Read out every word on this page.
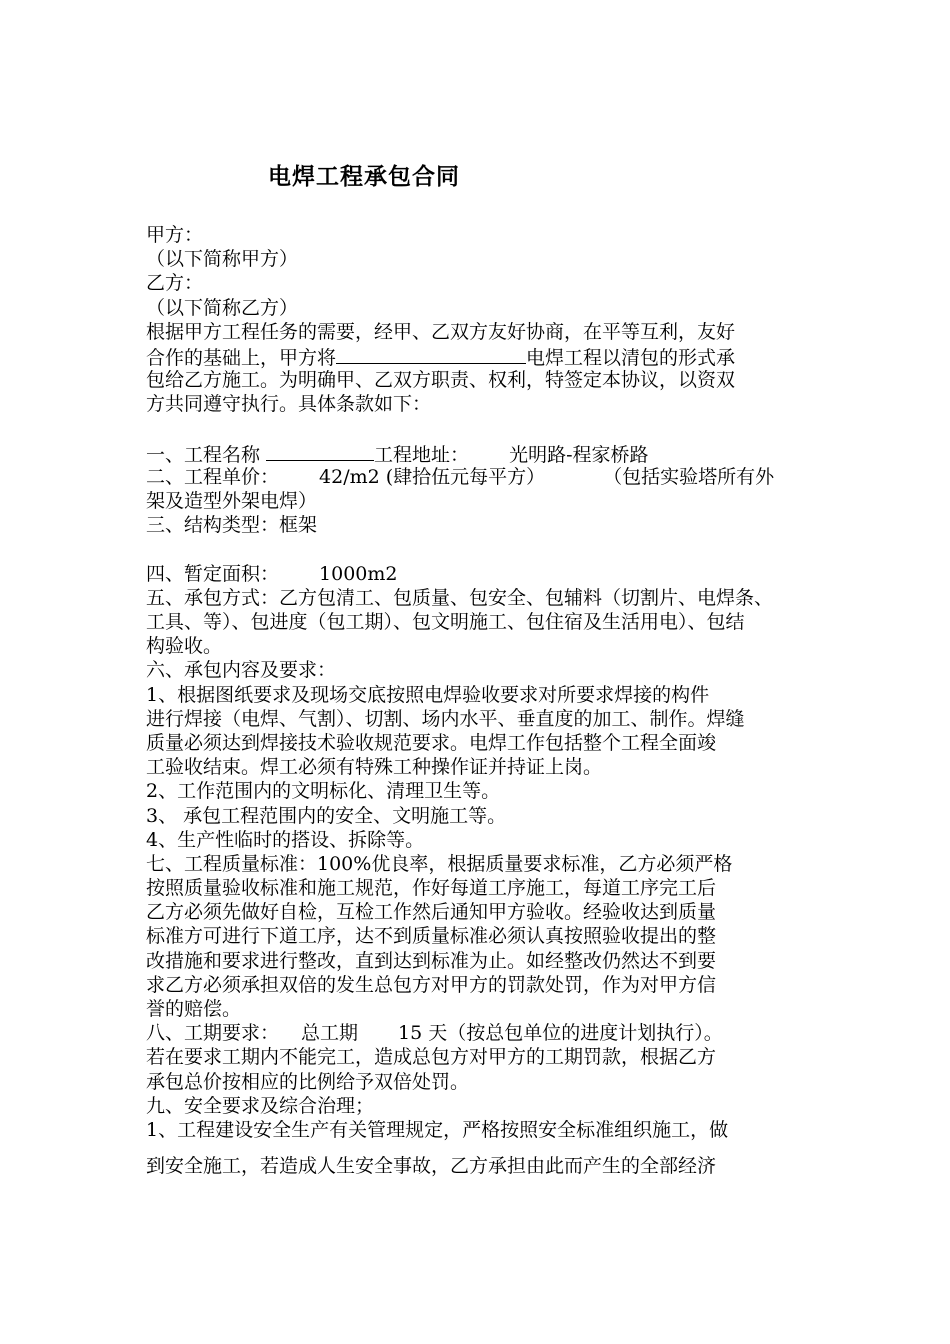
电焊工程承包合同
甲方：
（以下简称甲方）
乙方：
（以下简称乙方）
根据甲方工程任务的需要，经甲、乙双方友好协商，在平等互利，友好
合作的基础上，甲方将	电焊工程以清包的形式承
包给乙方施工。为明确甲、乙双方职责、权利，特签定本协议，以资双
方共同遵守执行。具体条款如下：
一、工程名称	工程地址： 光明路-程家桥路
二、工程单价： 42/m2 (肆拾伍元每平方）	（包括实验塔所有外
架及造型外架电焊）
三、结构类型：框架
四、暂定面积： 1000m2
五、承包方式：乙方包清工、包质量、包安全、包辅料（切割片、电焊条、
工具、等）、包进度（包工期）、包文明施工、包住宿及生活用电）、包结
构验收。
六、承包内容及要求：
1、根据图纸要求及现场交底按照电焊验收要求对所要求焊接的构件
进行焊接（电焊、气割）、切割、场内水平、垂直度的加工、制作。焊缝
质量必须达到焊接技术验收规范要求。电焊工作包括整个工程全面竣
工验收结束。焊工必须有特殊工种操作证并持证上岗。
2、工作范围内的文明标化、清理卫生等。
3、 承包工程范围内的安全、文明施工等。
4、生产性临时的搭设、拆除等。
七、工程质量标准：100%优良率，根据质量要求标准，乙方必须严格
按照质量验收标准和施工规范，作好每道工序施工，每道工序完工后
乙方必须先做好自检，互检工作然后通知甲方验收。经验收达到质量
标准方可进行下道工序，达不到质量标准必须认真按照验收提出的整
改措施和要求进行整改，直到达到标准为止。如经整改仍然达不到要
求乙方必须承担双倍的发生总包方对甲方的罚款处罚，作为对甲方信
誉的赔偿。
八、工期要求： 总工期 15 天（按总包单位的进度计划执行）。
若在要求工期内不能完工，造成总包方对甲方的工期罚款，根据乙方
承包总价按相应的比例给予双倍处罚。
九、安全要求及综合治理；
1、工程建设安全生产有关管理规定，严格按照安全标准组织施工，做
到安全施工，若造成人生安全事故，乙方承担由此而产生的全部经济
